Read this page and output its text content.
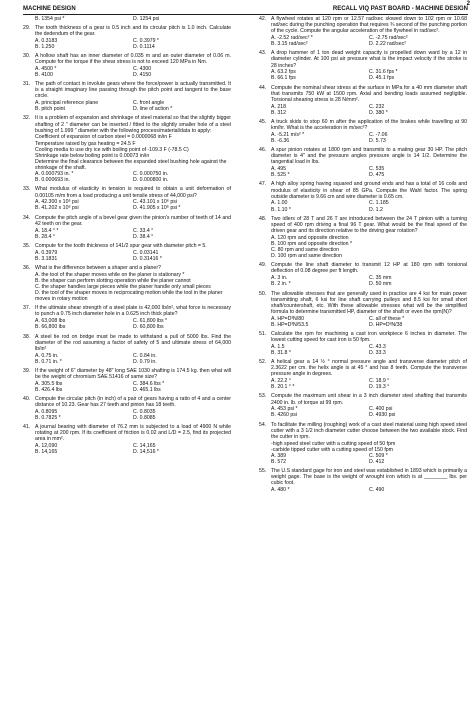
2
MACHINE DESIGN	RECALL VIQ PAST BOARD - MACHINE DESIGN
B. 1354 psi *	D. 1254 psi
29. The tooth thickness of a gear is 0.5 inch and its circular pitch is 1.0 inch. Calculate the dedendum of the gear.
A. 0.3183	C. 0.3979 *
B. 1.250	D. 0.1114
30. A hollow shaft has an inner diameter of 0.035 m and an outer diameter of 0.06 m. Compute for the torque if the shear stress is not to exceed 120 MPa in Nm.
A. 4500 *	C. 4300
B. 4100	D. 4150
31. The path of contact in involute gears where the force/power is actually transmitted. It is a straight imaginary line passing through the pitch point and tangent to the base circle.
A. principal reference plane	C. front angle
B. pitch point	D. line of action *
32. It is a problem of expansion and shrinkage of steel material so that the slightly bigger shafting of 2 " diameter can be inserted / fitted to the slightly smaller hole of a steel bushing of 1.999 " diameter with the following process/material/data to apply:
Coefficient of expansion of carbon steel = 0.0000068 in/in F
Temperature raised by gas heating = 24.5 F
Cooling media to use dry ice with boiling point of -109.3 F (-78.5 C)
Shrinkage rate below boiling point is 0.00073 in/in
Determine the final clearance between the expanded steel bushing hole against the shrinkage of the shaft.
A. 0.000793 in. *	C. 0.000750 in.
B. 0.000693 in.	D. 0.000800 in.
33. What modulus of elasticity in tension is required to obtain a unit deformation of 0.00105 m/m from a load producing a unit tensile stress of 44,000 psi?
A. 42.300 x 10⁶ psi	C. 43.101 x 10⁶ psi
B. 41.202 x 10⁶ psi	D. 41.905 x 10⁶ psi *
34. Compute the pitch angle of a bevel gear given the pinion's number of teeth of 14 and 42 teeth on the gear.
A. 18.4 ° *	C. 33.4 °
B. 28.4 °	D. 38.4 °
35. Compute for the tooth thickness of 141/2 spur gear with diameter pitch = 5.
A. 0.3979	C. 0.03141
B. 3.1831	D. 0.31416 *
36. What is the difference between a shaper and a planer?
A. the tool of the shaper moves while on the planer is stationary *
B. the shaper can perform slotting operation while the planer cannot
C. the shaper handles large pieces while the planer handle only small pieces
D. the tool of the shaper moves in reciprocating motion while the tool in the planer moves in rotary motion
37. If the ultimate shear strength of a steel plate is 42,000 lb/in², what force is necessary to punch a 0.75 inch diameter hole in a 0.625 inch thick plate?
A. 63,008 lbs	C. 61,800 lbs *
B. 66,800 lbs	D. 60,800 lbs
38. A steel tie rod on bridge must be made to withstand a pull of 5000 lbs. Find the diameter of the rod assuming a factor of safety of 5 and ultimate stress of 64,000 lb/in²
A. 0.75 in.	C. 0.84 in.
B. 0.71 in. *	D. 0.79 in.
39. If the weight of 6" diameter by 48" long SAE 1030 shafting is 174.5 kg. then what will be the weight of chromium SAE 51416 of same size?
A. 305.5 lbs	C. 384.6 lbs *
B. 426.4 lbs	D. 465.1 lbs
40. Compute the circular pitch (in inch) of a pair of gears having a ratio of 4 and a center distance of 10.23. Gear has 27 teeth and pinion has 18 teeth.
A. 0.8095	C. 0.8035
B. 0.7825 *	D. 0.8085
41. A journal bearing with diameter of 76.2 mm is subjected to a load of 4900 N while rotating at 200 rpm. If its coefficient of friction is 0.02 and L/D = 2.5, find its projected area in mm².
A. 12,090	C. 14,165
B. 14,165	D. 14,516 *
42. A flywheel rotates at 120 rpm or 12.57 rad/sec slowed down to 102 rpm or 10.68 rad/sec during the punching operation that requires ¾ second of the punching portion of the cycle. Compute the angular acceleration of the flywheel in rad/sec².
A. -2.52 rad/sec² *	C. -2.75 rad/sec²
B. 3.15 rad/sec²	D. 2.22 rad/sec²
43. A drop hammer of 1 ton dead weight capacity is propelled down ward by a 12 in diameter cylinder. At 100 psi air pressure what is the impact velocity if the stroke is 28 inches?
A. 63.2 fps	C. 31.6 fps *
B. 66.1 fps	D. 45.1 fps
44. Compute the nominal shear stress at the surface in MPa for a 40 mm diameter shaft that transmits 750 kW at 1500 rpm. Axial and bending loads assumed negligible. Torsional shearing stress is 28 N/mm².
A. 218	C. 232
B. 312	D. 380 *
45. A truck skids to stop 60 m after the application of the brakes while travelling at 90 km/hr. What is the acceleration in m/sec²?
A. -5.21 m/s² *	C. -7.06
B. -6.36	D. 5.73
46. A spur pinion rotates at 1800 rpm and transmits to a mating gear 30 HP. The pitch diameter is 4" and the pressure angles pressure angle is 14 1/2. Determine the tangential load in lbs.
A. 495	C. 535
B. 525 *	D. 475
47. A high alloy spring having squared and ground ends and has a total of 16 coils and modulus of elasticity in shear of 85 GPa. Compute the Wahl factor. The spring outside diameter is 9.66 cm and wire diameter is 0.65 cm.
A. 1.00	C. 1.185
B. 1.10 *	D. 1.2
48. Two idlers of 28 T and 26 T are introduced between the 24 T pinion with a turning speed of 400 rpm driving a final 96 T gear. What would be the final speed of the driven gear and its direction relative to the driving gear rotation?
A. 120 rpm and opposite direction
B. 100 rpm and opposite direction *
C. 80 rpm and same direction
D. 100 rpm and same direction
49. Compute the line shaft diameter to transmit 12 HP at 180 rpm with torsional deflection of 0.08 degree per ft length.
A. 3 in.	C. 35 mm
B. 2 in. *	D. 50 mm
50. The allowable stresses that are generally used in practice are 4 ksi for main power transmitting shaft, 6 ksi for line shaft carrying pulleys and 8.5 ksi for small short shaft/countershaft, etc. With these allowable stresses what will be the simplified formula to determine transmitted HP, diameter of the shaft or even the rpm(N)?
A. HP=D³N/80	C. all of these *
B. HP=D³N/53.5	D. HP=D³N/38
51. Calculate the rpm for machining a cast iron workpiece 6 inches in diameter. The lowest cutting speed for cast iron is 50 fpm.
A. 1.5	C. 43.3
B. 31.8 *	D. 33.3
52. A helical gear a 14 ½ ° normal pressure angle and transverse diameter pitch of 2.3622 per cm. the helix angle is at 45 ° and has 8 teeth. Compute the transverse pressure angle in degrees.
A. 22.2 °	C. 18.9 °
B. 20.1 ° *	D. 19.3 °
53. Compute the maximum unit shear in a 3 inch diameter steel shafting that transmits 2400 in. lb. of torque at 99 rpm.
A. 453 psi *	C. 400 psi
B. 4260 psi	D. 4930 psi
54. To facilitate the milling (roughing) work of a cast steel material using high speed steel cutter with a 3 1/2 inch diameter cutter choose between the two available stock. Find the cutter in rpm.
-high speed steel cutter with a cutting speed of 50 fpm
-carbide tipped cutter with a cutting speed of 150 fpm
A. 389	C. 509 *
B. 572	D. 412
55. The U.S standard gage for iron and steel was established in 1893 which is primarily a weight gage. The base is the weight of wrought iron which is at ________ lbs. per cubic foot.
A. 480 *	C. 490
